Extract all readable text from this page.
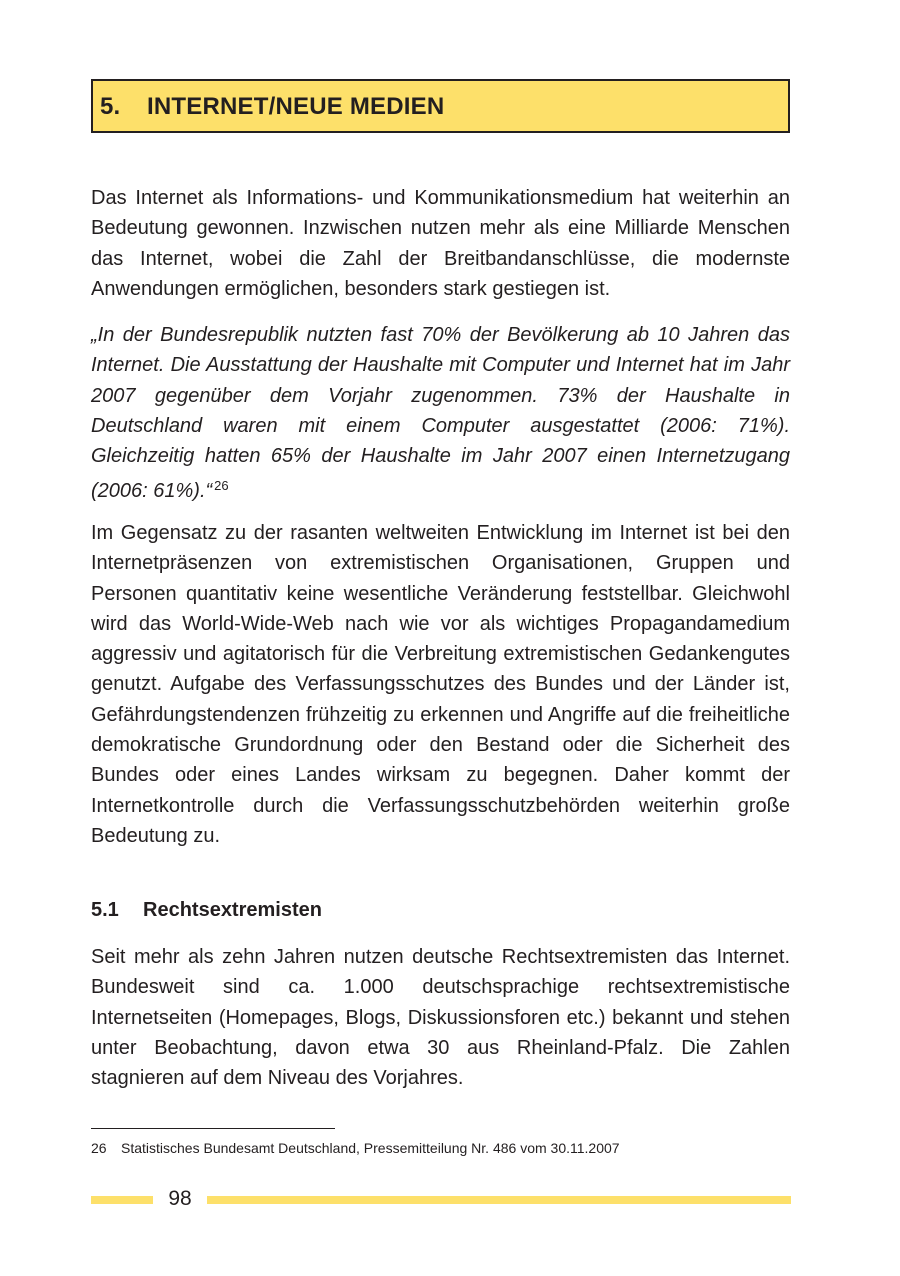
5. INTERNET/NEUE MEDIEN

Das Internet als Informations- und Kommunikationsmedium hat weiterhin an Bedeutung gewonnen. Inzwischen nutzen mehr als eine Milliarde Menschen das Internet, wobei die Zahl der Breitbandanschlüsse, die modernste Anwendungen ermöglichen, besonders stark gestiegen ist.

„In der Bundesrepublik nutzten fast 70% der Bevölkerung ab 10 Jahren das Internet. Die Ausstattung der Haushalte mit Computer und Internet hat im Jahr 2007 gegenüber dem Vorjahr zugenommen. 73% der Haushalte in Deutschland waren mit einem Computer ausgestattet (2006: 71%). Gleichzeitig hatten 65% der Haushalte im Jahr 2007 einen Internetzugang (2006: 61%).“ $^{26}$

Im Gegensatz zu der rasanten weltweiten Entwicklung im Internet ist bei den Internetpräsenzen von extremistischen Organisationen, Gruppen und Personen quantitativ keine wesentliche Veränderung feststellbar. Gleichwohl wird das World-Wide-Web nach wie vor als wichtiges Propagandamedium aggressiv und agitatorisch für die Verbreitung extremistischen Gedankengutes genutzt. Aufgabe des Verfassungsschutzes des Bundes und der Länder ist, Gefährdungstendenzen frühzeitig zu erkennen und Angriffe auf die freiheitliche demokratische Grundordnung oder den Bestand oder die Sicherheit des Bundes oder eines Landes wirksam zu begegnen. Daher kommt der Internetkontrolle durch die Verfassungsschutzbehörden weiterhin große Bedeutung zu.

5.1 Rechtsextremisten

Seit mehr als zehn Jahren nutzen deutsche Rechtsextremisten das Internet. Bundesweit sind ca. 1.000 deutschsprachige rechtsextremistische Internetseiten (Homepages, Blogs, Diskussionsforen etc.) bekannt und stehen unter Beobachtung, davon etwa 30 aus Rheinland-Pfalz. Die Zahlen stagnieren auf dem Niveau des Vorjahres.

26 Statistisches Bundesamt Deutschland, Pressemitteilung Nr. 486 vom 30.11.2007
98
